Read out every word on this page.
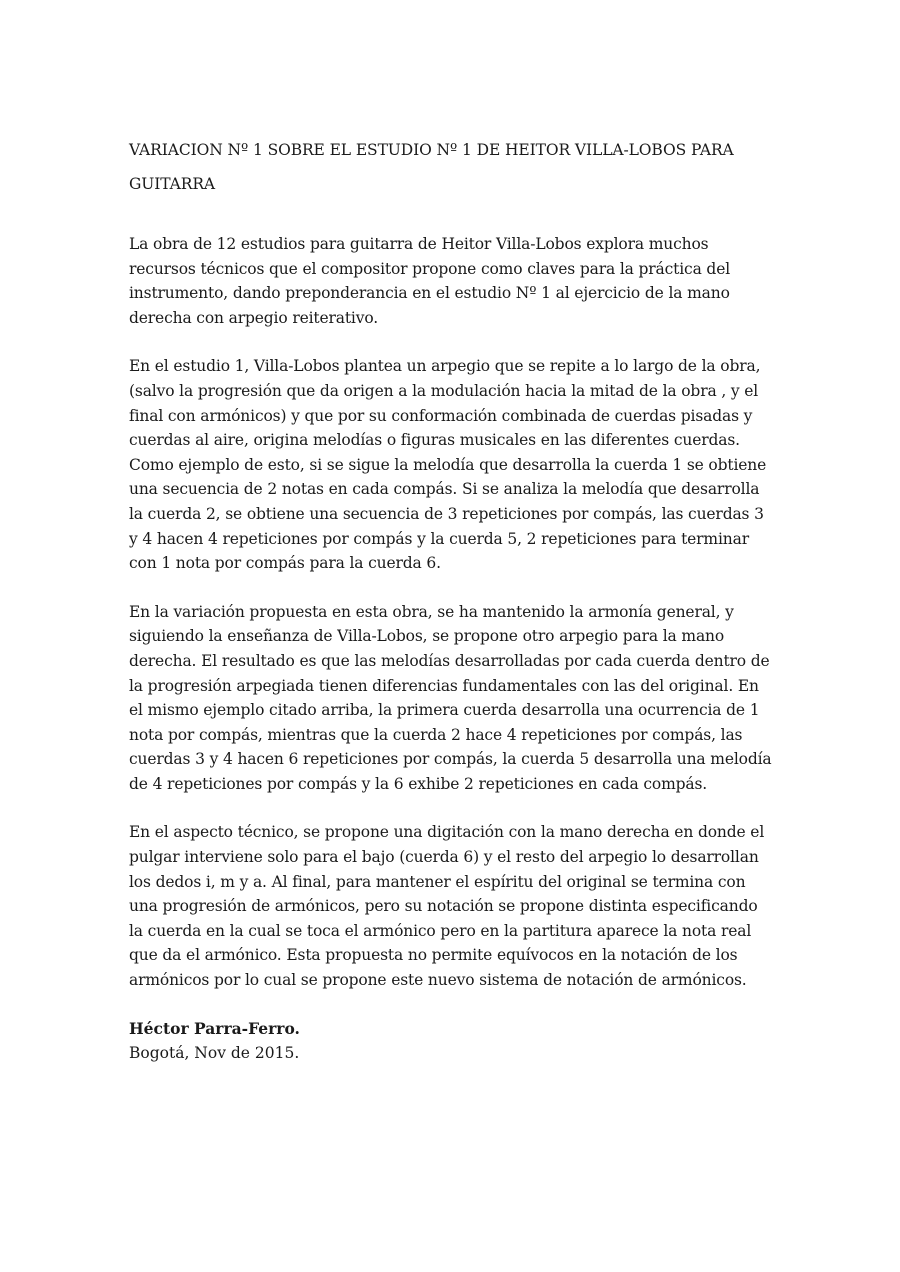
VARIACION Nº 1 SOBRE EL ESTUDIO Nº 1 DE HEITOR VILLA-LOBOS PARA GUITARRA

La obra de 12 estudios para guitarra de Heitor Villa-Lobos explora muchos recursos técnicos que el compositor propone como claves para la práctica del instrumento, dando preponderancia en el estudio Nº 1 al ejercicio de la mano derecha con arpegio reiterativo.

En el estudio 1, Villa-Lobos plantea un arpegio que se repite a lo largo de la obra, (salvo la progresión que da origen a la modulación hacia la mitad de la obra , y el final con armónicos) y que por su conformación combinada de cuerdas pisadas y cuerdas al aire, origina melodías o figuras musicales en las diferentes cuerdas. Como ejemplo de esto, si se sigue la melodía que desarrolla la cuerda 1 se obtiene una secuencia de 2 notas en cada compás. Si se analiza la melodía que desarrolla la cuerda 2, se obtiene una secuencia de 3 repeticiones por compás, las cuerdas 3 y 4 hacen 4 repeticiones por compás y la cuerda 5, 2 repeticiones para terminar con 1 nota por compás para la cuerda 6.

En la variación propuesta en esta obra, se ha mantenido la armonía general, y siguiendo la enseñanza de Villa-Lobos, se propone otro arpegio para la mano derecha. El resultado es que las melodías desarrolladas por cada cuerda dentro de la progresión arpegiada tienen diferencias fundamentales con las del original. En el mismo ejemplo citado arriba, la primera cuerda desarrolla una ocurrencia de 1 nota por compás, mientras que la cuerda 2 hace 4 repeticiones por compás, las cuerdas 3 y 4 hacen 6 repeticiones por compás, la cuerda 5 desarrolla una melodía de 4 repeticiones por compás y la 6 exhibe 2 repeticiones en cada compás.

En el aspecto técnico, se propone una digitación con la mano derecha en donde el pulgar interviene solo para el bajo (cuerda 6) y el resto del arpegio lo desarrollan los dedos i, m y a. Al final, para mantener el espíritu del original se termina con una progresión de armónicos, pero su notación se propone distinta especificando la cuerda en la cual se toca el armónico pero en la partitura aparece la nota real que da el armónico. Esta propuesta no permite equívocos en la notación de los armónicos por lo cual se propone este nuevo sistema de notación de armónicos.

Héctor Parra-Ferro.
Bogotá, Nov de 2015.
